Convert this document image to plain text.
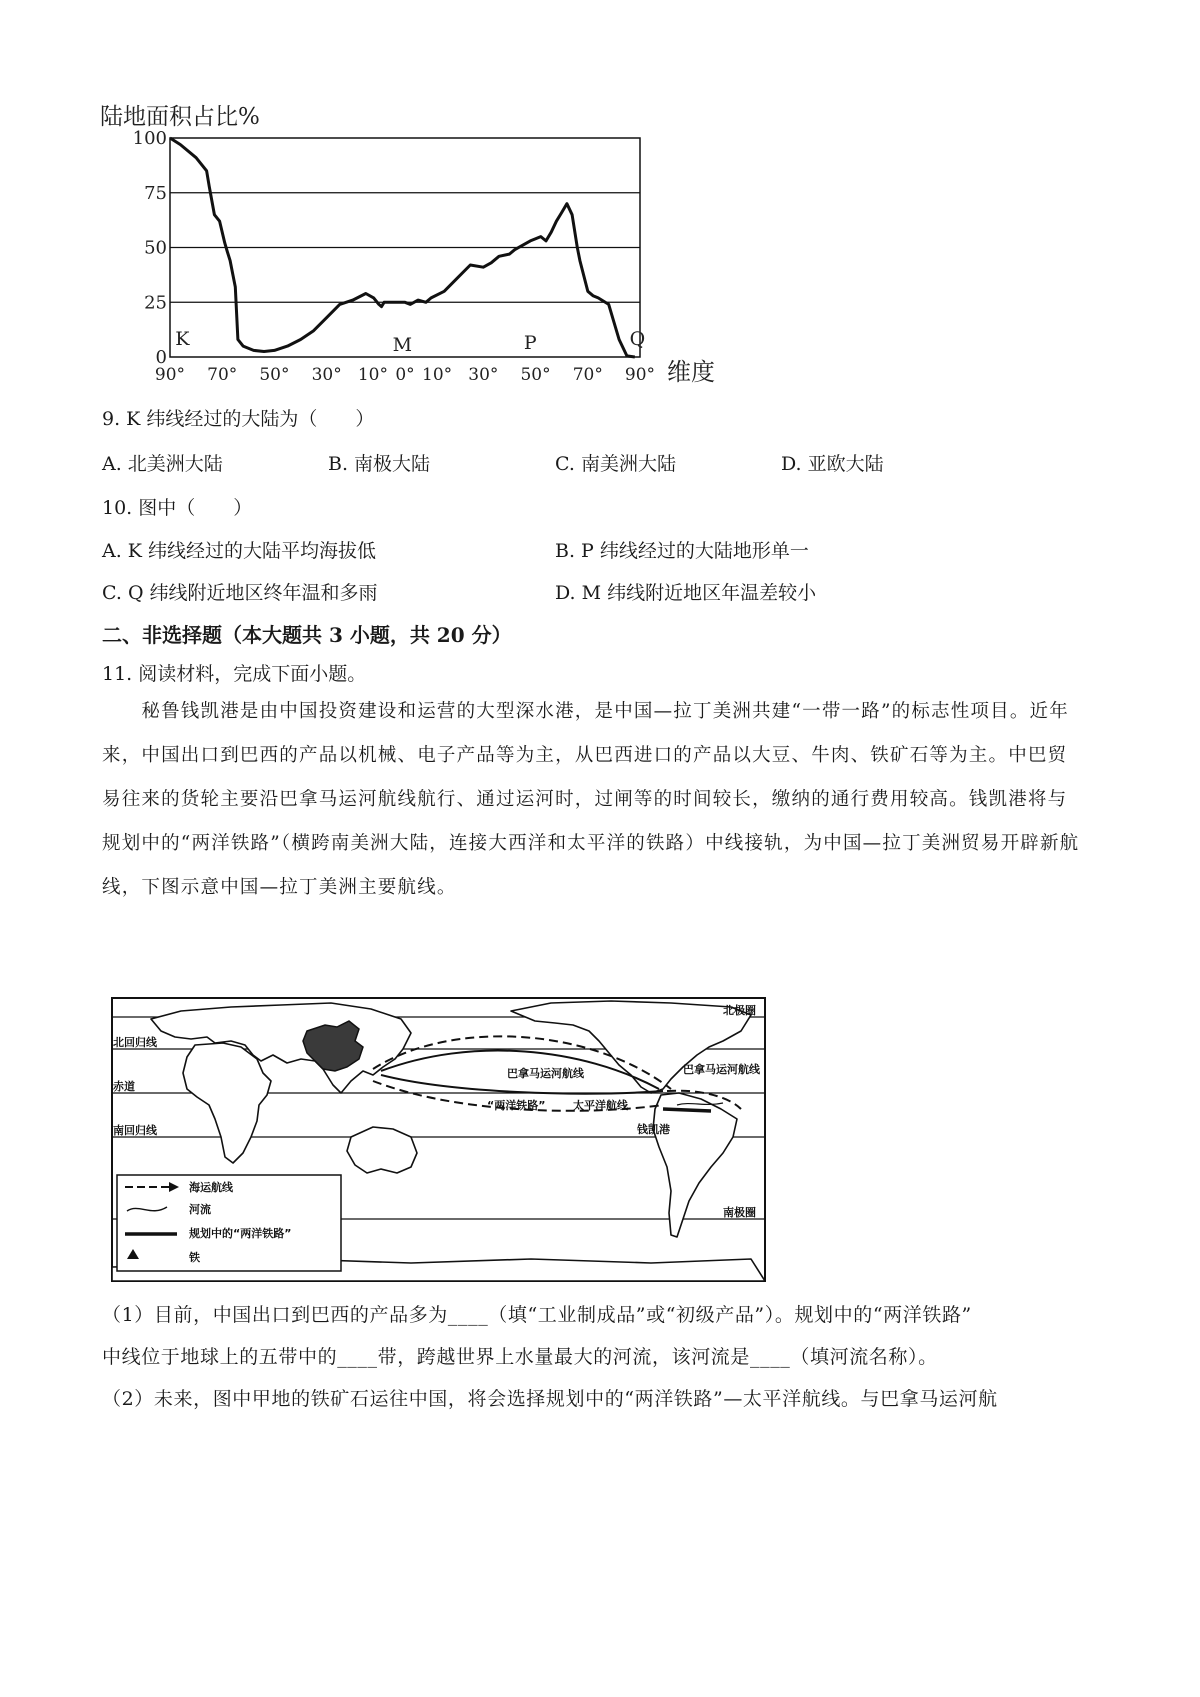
陆地面积占比%
100
75
50
25
0
90° 70° 50° 30° 10° 0° 10° 30° 50° 70° 90°
K	M	P	Q
维度
9. K 纬线经过的大陆为（　　）
A. 北美洲大陆	B. 南极大陆	C. 南美洲大陆	D. 亚欧大陆
10. 图中（　　）
A. K 纬线经过的大陆平均海拔低	B. P 纬线经过的大陆地形单一
C. Q 纬线附近地区终年温和多雨	D. M 纬线附近地区年温差较小
二、非选择题（本大题共 3 小题，共 20 分）
11. 阅读材料，完成下面小题。
　　秘鲁钱凯港是由中国投资建设和运营的大型深水港，是中国—拉丁美洲共建“一带一路”的标志性项目。近年来，中国出口到巴西的产品以机械、电子产品等为主，从巴西进口的产品以大豆、牛肉、铁矿石等为主。中巴贸易往来的货轮主要沿巴拿马运河航线航行、通过运河时，过闸等的时间较长，缴纳的通行费用较高。钱凯港将与规划中的“两洋铁路”（横跨南美洲大陆，连接大西洋和太平洋的铁路）中线接轨，为中国—拉丁美洲贸易开辟新航线，下图示意中国—拉丁美洲主要航线。
北极圈
北回归线
赤道
南回归线
南极圈
巴拿马运河航线	巴拿马运河航线
“两洋铁路”	太平洋航线
钱凯港
海运航线
河流
规划中的“两洋铁路”
铁
（1）目前，中国出口到巴西的产品多为____（填“工业制成品”或“初级产品”）。规划中的“两洋铁路”
中线位于地球上的五带中的____带，跨越世界上水量最大的河流，该河流是____（填河流名称）。
（2）未来，图中甲地的铁矿石运往中国，将会选择规划中的“两洋铁路”—太平洋航线。与巴拿马运河航
